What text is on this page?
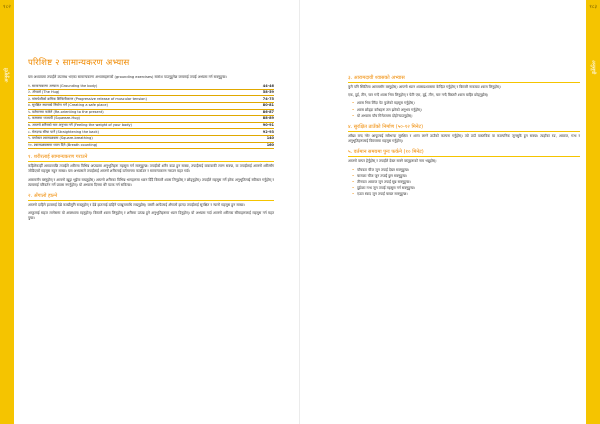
१८२
अनुसूची
परिशिष्ट २ सामान्यकरण अभ्यास

यस अध्यायमा तपाईंले उपलब्ध भएका सामान्यकरण अभ्यासहरूको (grounding exercises) सारांश पाउनुहुनेछ जसलाई तपाईं अभ्यास गर्न सक्नुहुन्छ।

१. सामान्यकरण अभ्यास (Grounding the body)	44-46
२. अँगालो (The Hug)	58-59
३. मांसपेशीको क्रमिक शिथिलीकरण (Progressive release of muscular tension)	74-75
४. सुरक्षित स्थानको निर्माण गर्ने (Creating a safe place)	80-81
५. वर्तमानमा फर्कने (Re-orienting to the present)	86-87
६. कम्मरमा थपथपी (Squeeze-Hug)	88-89
७. आफ्नो शरीरको भार अनुभव गर्ने (Feeling the weight of your body)	90-91
८. मेरुदण्ड सीधा पार्ने (Straightening the back)	92-93
९. वर्गाकार श्वासप्रश्वास (Square-breathing)	140
१०. श्वासप्रश्वासमा ध्यान दिने (Breath counting)	160
१. शरीरलाई सामान्यकरण गराउने

कहिलेकाहीँ आघातपछि तपाईंले शरीरमा विभिन्न अप्ठ्यारा अनुभूतिहरू महसुस गर्न सक्नुहुन्छ। तपाईंको शरीर कडा हुन सक्छ, तपाईंलाई वाकवाकी लाग्न सक्छ, वा तपाईंलाई आफ्नो शरीरसँग जोडिएको महसुस नहुन सक्छ। यस अभ्यासले तपाईंलाई आफ्नो शरीरलाई वर्तमानमा फर्काउन र सामान्यकरण गराउन मद्दत गर्छ।

आरामसँग बस्नुहोस् र आफ्नो खुट्टा भुइँमा राख्नुहोस्। आफ्नो शरीरका विभिन्न भागहरूमा ध्यान दिँदै बिस्तारै श्वास लिनुहोस् र छोड्नुहोस्। तपाईंले महसुस गर्ने हरेक अनुभूतिलाई स्वीकार गर्नुहोस् र त्यसलाई परिवर्तन गर्ने प्रयास नगर्नुहोस्। यो अभ्यास दिनमा धेरै पटक गर्न सकिन्छ।

२. अँगालो हाल्ने

आफ्नो दाहिने हातलाई देब्रे काखीमुनि राख्नुहोस् र देब्रे हातलाई दाहिने पाखुरामाथि राख्नुहोस्। यसरी आफैलाई अँगालो हाल्दा तपाईंलाई सुरक्षित र न्यानो महसुस हुन सक्छ।

आफूलाई सहज लागेसम्म यो अवस्थामा रहनुहोस्। बिस्तारै श्वास लिनुहोस् र शरीरमा उत्पन्न हुने अनुभूतिहरूमा ध्यान दिनुहोस्। यो अभ्यास गर्दा आफ्नो शरीरका सीमाहरूलाई महसुस गर्न मद्दत पुग्छ।

१८३
अनुसूची
३. आरामदायी श्वासको अभ्यास

कुनै पनि स्थितिमा आरामसँग बस्नुहोस्। आफ्नो ध्यान श्वासप्रश्वासमा केन्द्रित गर्नुहोस् र बिस्तारै नाकबाट श्वास लिनुहोस्।

एक, दुई, तीन, चार गन्दै श्वास भित्र लिनुहोस् र फेरि एक, दुई, तीन, चार गन्दै बिस्तारै श्वास बाहिर छोड्नुहोस्।

• श्वास भित्र लिँदा पेट फुलेको महसुस गर्नुहोस्।
• श्वास छोड्दा काँधहरू तल झरेको अनुभव गर्नुहोस्।
• यो अभ्यास पाँच मिनेटसम्म दोहोर्‍याउनुहोस्।
४. सुरक्षित ठाउँको निर्माण (५०-१२ मिनेट)

आँखा बन्द गरेर आफूलाई सबैभन्दा सुरक्षित र शान्त लाग्ने ठाउँको कल्पना गर्नुहोस्। त्यो ठाउँ वास्तविक वा काल्पनिक जुनसुकै हुन सक्छ। त्यहाँका रङ, आवाज, गन्ध र अनुभूतिहरूलाई विस्तारमा महसुस गर्नुहोस्।

५. वर्तमान समयमा पुनः फर्कने (१० मिनेट)

आफ्नो वरपर हेर्नुहोस् र तपाईंले देख्न सक्ने वस्तुहरूको नाम भन्नुहोस्।

• पाँचवटा चीज जुन तपाईं देख्न सक्नुहुन्छ।
• चारवटा चीज जुन तपाईं छुन सक्नुहुन्छ।
• तीनवटा आवाज जुन तपाईं सुन्न सक्नुहुन्छ।
• दुईवटा गन्ध जुन तपाईं महसुस गर्न सक्नुहुन्छ।
• एउटा स्वाद जुन तपाईं चाख्न सक्नुहुन्छ।
